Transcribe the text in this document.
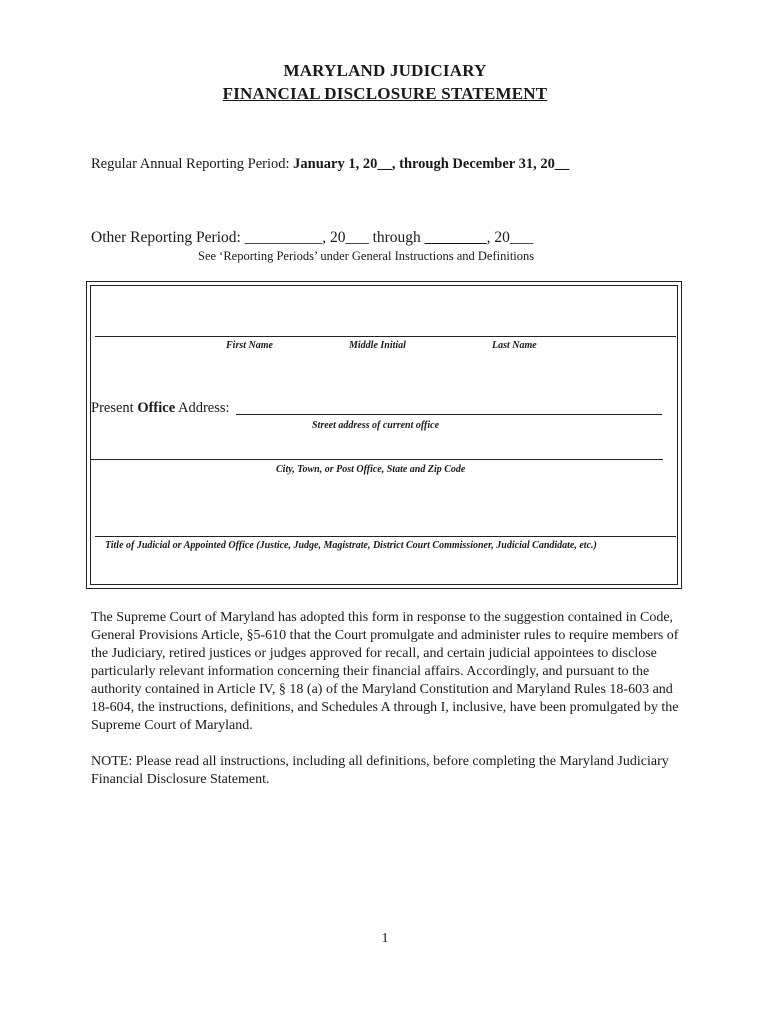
MARYLAND JUDICIARY
FINANCIAL DISCLOSURE STATEMENT
Regular Annual Reporting Period: January 1, 20__, through December 31, 20__
Other Reporting Period: __________, 20___ through ________, 20___
See ‘Reporting Periods’ under General Instructions and Definitions
First Name	Middle Initial	Last Name
Present Office Address:
Street address of current office
City, Town, or Post Office, State and Zip Code
Title of Judicial or Appointed Office (Justice, Judge, Magistrate, District Court Commissioner, Judicial Candidate, etc.)

The Supreme Court of Maryland has adopted this form in response to the suggestion contained in Code, General Provisions Article, §5-610 that the Court promulgate and administer rules to require members of the Judiciary, retired justices or judges approved for recall, and certain judicial appointees to disclose particularly relevant information concerning their financial affairs. Accordingly, and pursuant to the authority contained in Article IV, § 18 (a) of the Maryland Constitution and Maryland Rules 18-603 and 18-604, the instructions, definitions, and Schedules A through I, inclusive, have been promulgated by the Supreme Court of Maryland.

NOTE: Please read all instructions, including all definitions, before completing the Maryland Judiciary Financial Disclosure Statement.

1
